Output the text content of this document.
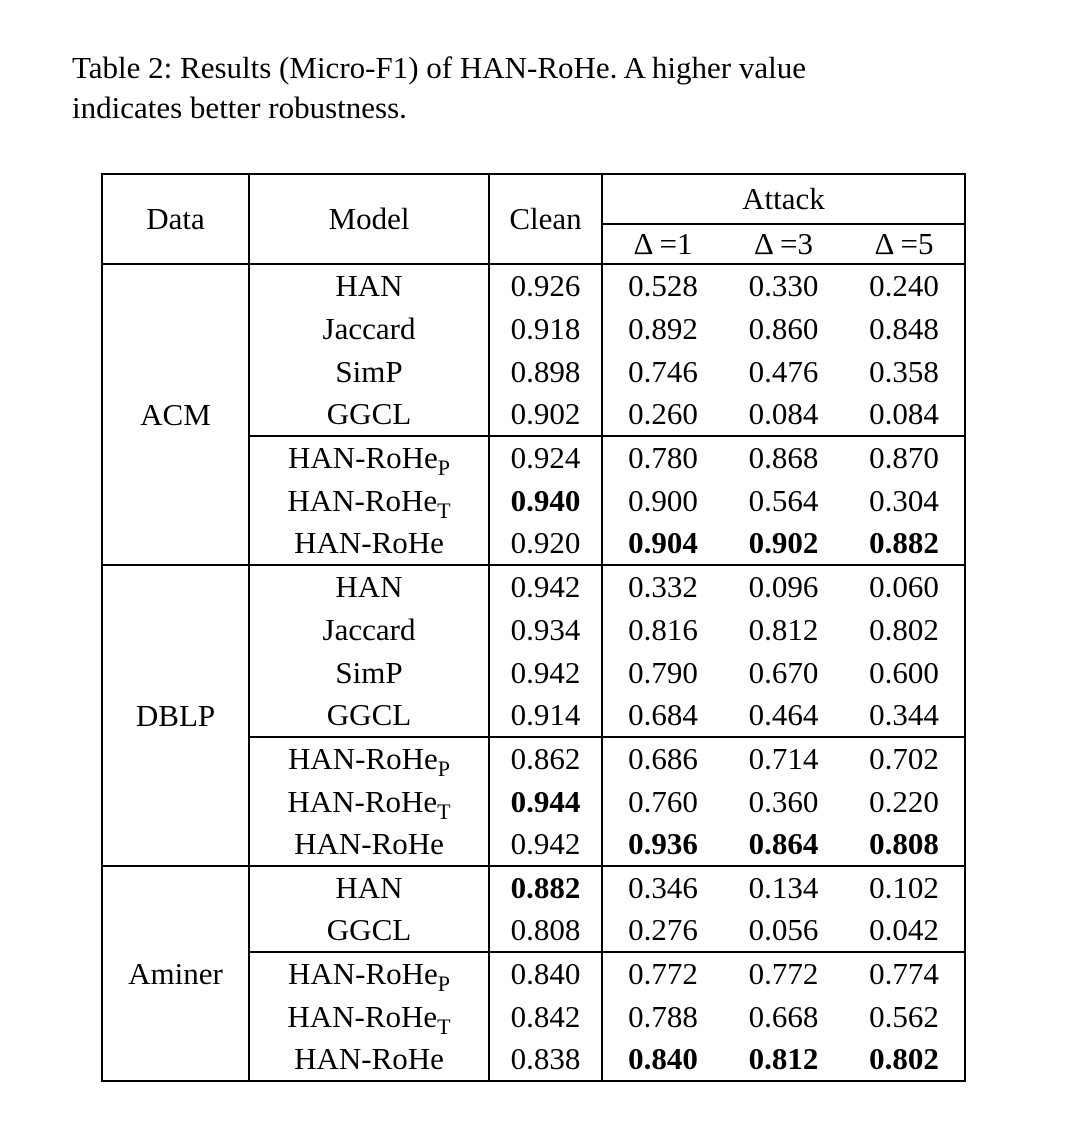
Table 2: Results (Micro-F1) of HAN-RoHe. A higher value
indicates better robustness.

Data	Model	Clean	Attack		
			Δ =1	Δ =3	Δ =5
ACM	HAN	0.926	0.528	0.330	0.240
	Jaccard	0.918	0.892	0.860	0.848
	SimP	0.898	0.746	0.476	0.358
	GGCL	0.902	0.260	0.084	0.084
	HAN-RoHe$_P$	0.924	0.780	0.868	0.870
	HAN-RoHe$_T$	0.940	0.900	0.564	0.304
	HAN-RoHe	0.920	0.904	0.902	0.882
DBLP	HAN	0.942	0.332	0.096	0.060
	Jaccard	0.934	0.816	0.812	0.802
	SimP	0.942	0.790	0.670	0.600
	GGCL	0.914	0.684	0.464	0.344
	HAN-RoHe$_P$	0.862	0.686	0.714	0.702
	HAN-RoHe$_T$	0.944	0.760	0.360	0.220
	HAN-RoHe	0.942	0.936	0.864	0.808
Aminer	HAN	0.882	0.346	0.134	0.102
	GGCL	0.808	0.276	0.056	0.042
	HAN-RoHe$_P$	0.840	0.772	0.772	0.774
	HAN-RoHe$_T$	0.842	0.788	0.668	0.562
	HAN-RoHe	0.838	0.840	0.812	0.802
